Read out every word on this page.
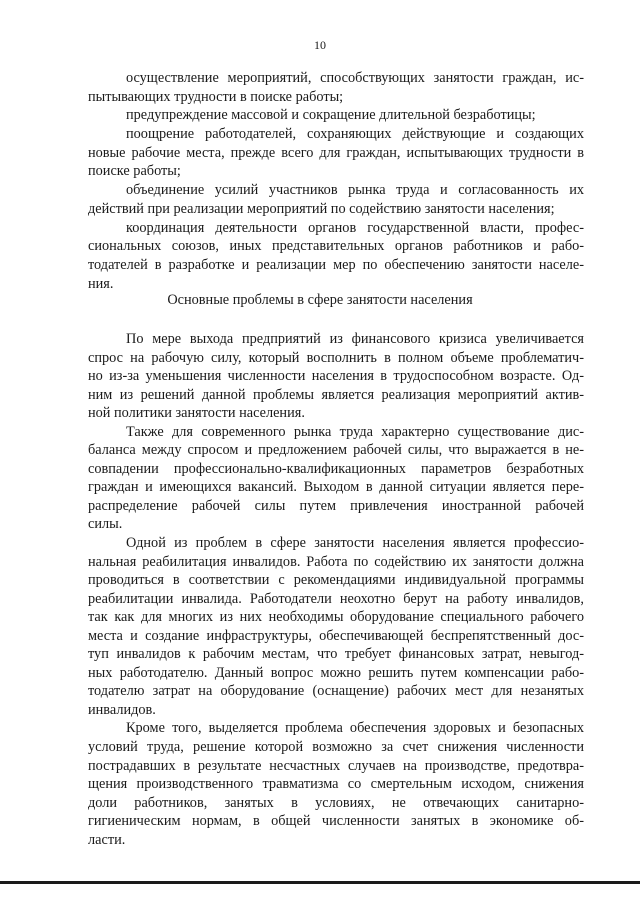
10
осуществление мероприятий, способствующих занятости граждан, ис-
пытывающих трудности в поиске работы;
предупреждение массовой и сокращение длительной безработицы;
поощрение работодателей, сохраняющих действующие и создающих
новые рабочие места, прежде всего для граждан, испытывающих трудности в
поиске работы;
объединение усилий участников рынка труда и согласованность их
действий при реализации мероприятий по содействию занятости населения;
координация деятельности органов государственной власти, профес-
сиональных союзов, иных представительных органов работников и рабо-
тодателей в разработке и реализации мер по обеспечению занятости населе-
ния.
Основные проблемы в сфере занятости населения
По мере выхода предприятий из финансового кризиса увеличивается
спрос на рабочую силу, который восполнить в полном объеме проблематич-
но из-за уменьшения численности населения в трудоспособном возрасте. Од-
ним из решений данной проблемы является реализация мероприятий актив-
ной политики занятости населения.
Также для современного рынка труда характерно существование дис-
баланса между спросом и предложением рабочей силы, что выражается в не-
совпадении профессионально-квалификационных параметров безработных
граждан и имеющихся вакансий. Выходом в данной ситуации является пере-
распределение рабочей силы путем привлечения иностранной рабочей
силы.
Одной из проблем в сфере занятости населения является профессио-
нальная реабилитация инвалидов. Работа по содействию их занятости должна
проводиться в соответствии с рекомендациями индивидуальной программы
реабилитации инвалида. Работодатели неохотно берут на работу инвалидов,
так как для многих из них необходимы оборудование специального рабочего
места и создание инфраструктуры, обеспечивающей беспрепятственный дос-
туп инвалидов к рабочим местам, что требует финансовых затрат, невыгод-
ных работодателю. Данный вопрос можно решить путем компенсации рабо-
тодателю затрат на оборудование (оснащение) рабочих мест для незанятых
инвалидов.
Кроме того, выделяется проблема обеспечения здоровых и безопасных
условий труда, решение которой возможно за счет снижения численности
пострадавших в результате несчастных случаев на производстве, предотвра-
щения производственного травматизма со смертельным исходом, снижения
доли работников, занятых в условиях, не отвечающих санитарно-
гигиеническим нормам, в общей численности занятых в экономике об-
ласти.
